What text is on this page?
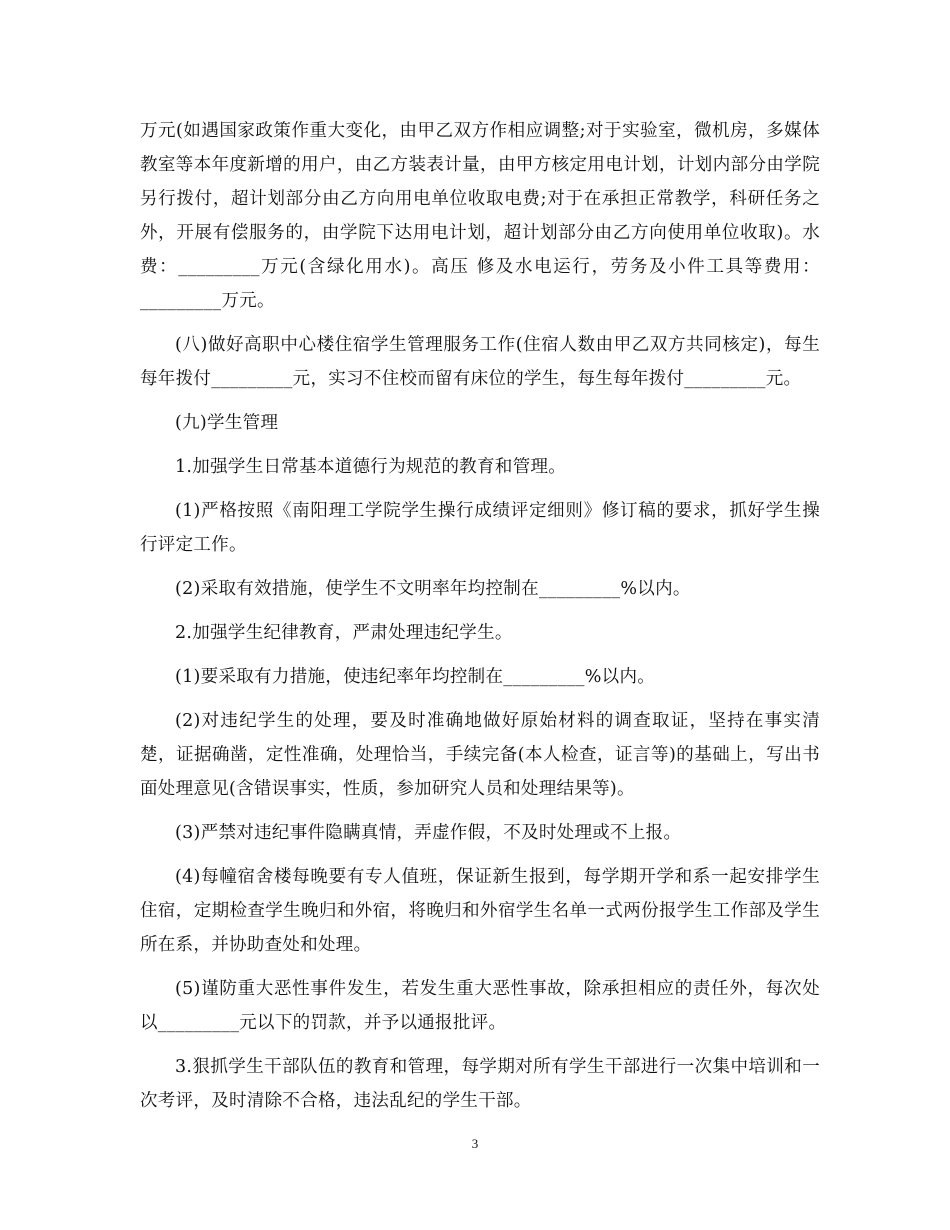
万元(如遇国家政策作重大变化，由甲乙双方作相应调整;对于实验室，微机房，多媒体教室等本年度新增的用户，由乙方装表计量，由甲方核定用电计划，计划内部分由学院另行拨付，超计划部分由乙方向用电单位收取电费;对于在承担正常教学，科研任务之外，开展有偿服务的，由学院下达用电计划，超计划部分由乙方向使用单位收取)。水费：_________万元(含绿化用水)。高压 修及水电运行，劳务及小件工具等费用：_________万元。

(八)做好高职中心楼住宿学生管理服务工作(住宿人数由甲乙双方共同核定)，每生每年拨付_________元，实习不住校而留有床位的学生，每生每年拨付_________元。

(九)学生管理

1.加强学生日常基本道德行为规范的教育和管理。

(1)严格按照《南阳理工学院学生操行成绩评定细则》修订稿的要求，抓好学生操行评定工作。

(2)采取有效措施，使学生不文明率年均控制在_________%以内。

2.加强学生纪律教育，严肃处理违纪学生。

(1)要采取有力措施，使违纪率年均控制在_________%以内。

(2)对违纪学生的处理，要及时准确地做好原始材料的调查取证，坚持在事实清楚，证据确凿，定性准确，处理恰当，手续完备(本人检查，证言等)的基础上，写出书面处理意见(含错误事实，性质，参加研究人员和处理结果等)。

(3)严禁对违纪事件隐瞒真情，弄虚作假，不及时处理或不上报。

(4)每幢宿舍楼每晚要有专人值班，保证新生报到，每学期开学和系一起安排学生住宿，定期检查学生晚归和外宿，将晚归和外宿学生名单一式两份报学生工作部及学生所在系，并协助查处和处理。

(5)谨防重大恶性事件发生，若发生重大恶性事故，除承担相应的责任外，每次处以_________元以下的罚款，并予以通报批评。

3.狠抓学生干部队伍的教育和管理，每学期对所有学生干部进行一次集中培训和一次考评，及时清除不合格，违法乱纪的学生干部。

3
